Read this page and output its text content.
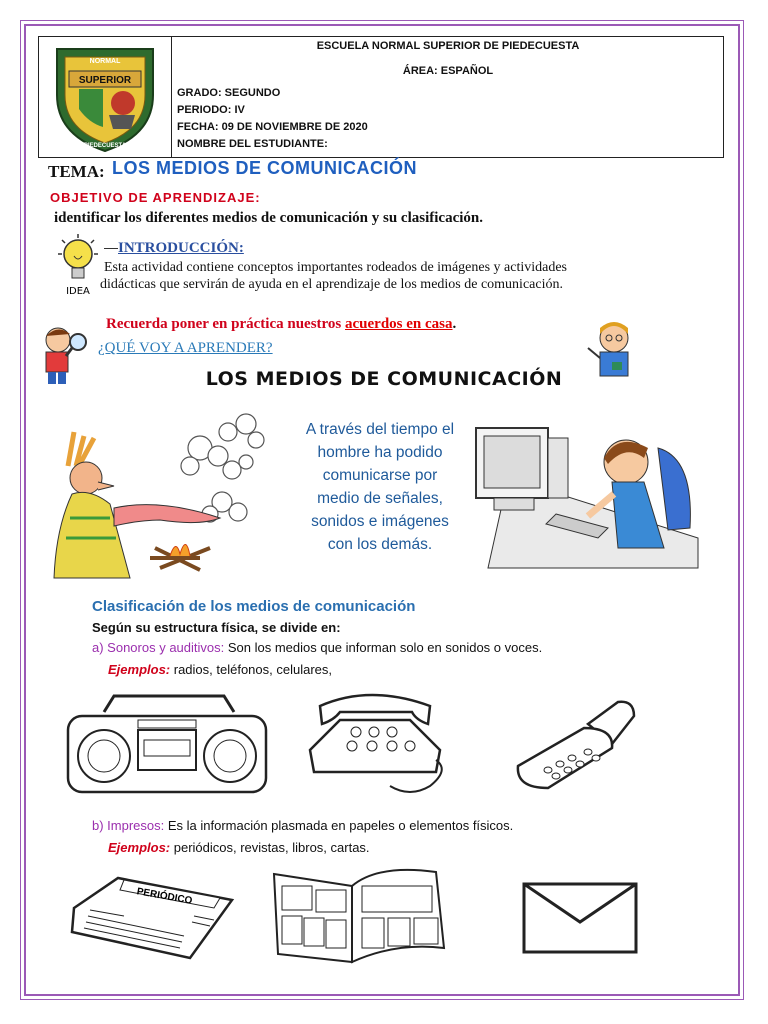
SUPERIOR
NORMAL
PIEDECUESTA
ESCUELA NORMAL SUPERIOR DE PIEDECUESTA
ÁREA: ESPAÑOL
GRADO: SEGUNDO
PERIODO: IV
FECHA: 09 DE NOVIEMBRE DE 2020
NOMBRE DEL ESTUDIANTE:
TEMA: LOS MEDIOS DE COMUNICACIÓN
OBJETIVO DE APRENDIZAJE:
identificar los diferentes medios de comunicación y su clasificación.
IDEA
INTRODUCCIÓN:
Esta actividad contiene conceptos importantes rodeados de imágenes y actividades
didácticas que servirán de ayuda en el aprendizaje de los medios de comunicación.
Recuerda poner en práctica nuestros acuerdos en casa.
¿QUÉ VOY A APRENDER?
LOS MEDIOS DE COMUNICACIÓN
A través del tiempo el
hombre ha podido
comunicarse por
medio de señales,
sonidos e imágenes
con los demás.
Clasificación de los medios de comunicación
Según su estructura física, se divide en:
a) Sonoros y auditivos: Son los medios que informan solo en sonidos o voces.
Ejemplos: radios, teléfonos, celulares,
b) Impresos: Es la información plasmada en papeles o elementos físicos.
Ejemplos: periódicos, revistas, libros, cartas.
PERIÓDICO
